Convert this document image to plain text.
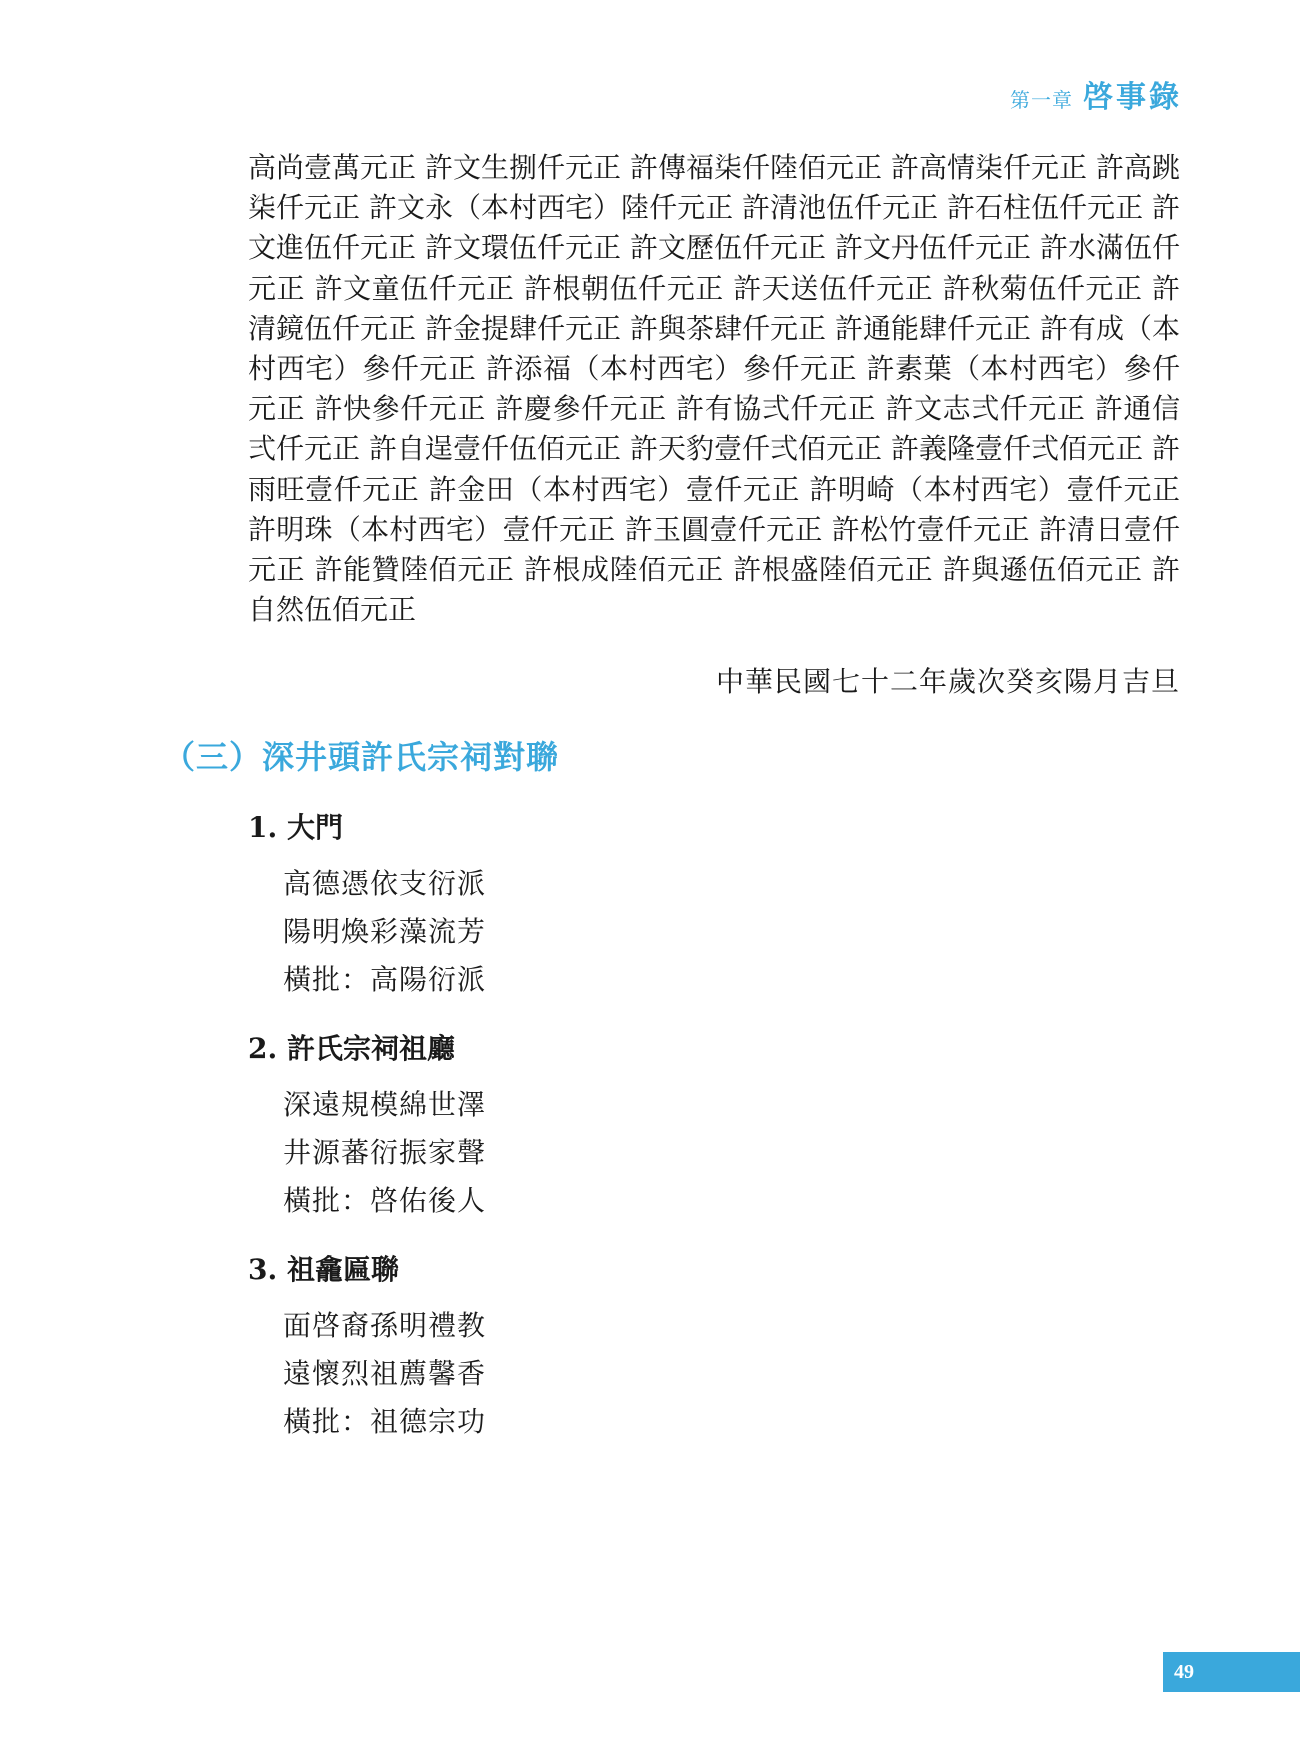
第一章 啓事錄

高尚壹萬元正 許文生捌仟元正 許傳福柒仟陸佰元正 許高情柒仟元正 許高跳柒仟元正 許文永（本村西宅）陸仟元正 許清池伍仟元正 許石柱伍仟元正 許文進伍仟元正 許文環伍仟元正 許文歷伍仟元正 許文丹伍仟元正 許水滿伍仟元正 許文童伍仟元正 許根朝伍仟元正 許天送伍仟元正 許秋菊伍仟元正 許清鏡伍仟元正 許金提肆仟元正 許與茶肆仟元正 許通能肆仟元正 許有成（本村西宅）參仟元正 許添福（本村西宅）參仟元正 許素葉（本村西宅）參仟元正 許快參仟元正 許慶參仟元正 許有協弍仟元正 許文志弍仟元正 許通信弍仟元正 許自逞壹仟伍佰元正 許天豹壹仟弍佰元正 許義隆壹仟弍佰元正 許雨旺壹仟元正 許金田（本村西宅）壹仟元正 許明崎（本村西宅）壹仟元正 許明珠（本村西宅）壹仟元正 許玉圓壹仟元正 許松竹壹仟元正 許清日壹仟元正 許能贊陸佰元正 許根成陸佰元正 許根盛陸佰元正 許與遜伍佰元正 許自然伍佰元正

中華民國七十二年歲次癸亥陽月吉旦
（三）深井頭許氏宗祠對聯
1. 大門
高德憑依支衍派
陽明煥彩藻流芳
橫批：高陽衍派
2. 許氏宗祠祖廳
深遠規模綿世澤
井源蕃衍振家聲
橫批：啓佑後人
3. 祖龕匾聯
面啓裔孫明禮教
遠懷烈祖薦馨香
橫批：祖德宗功
49
